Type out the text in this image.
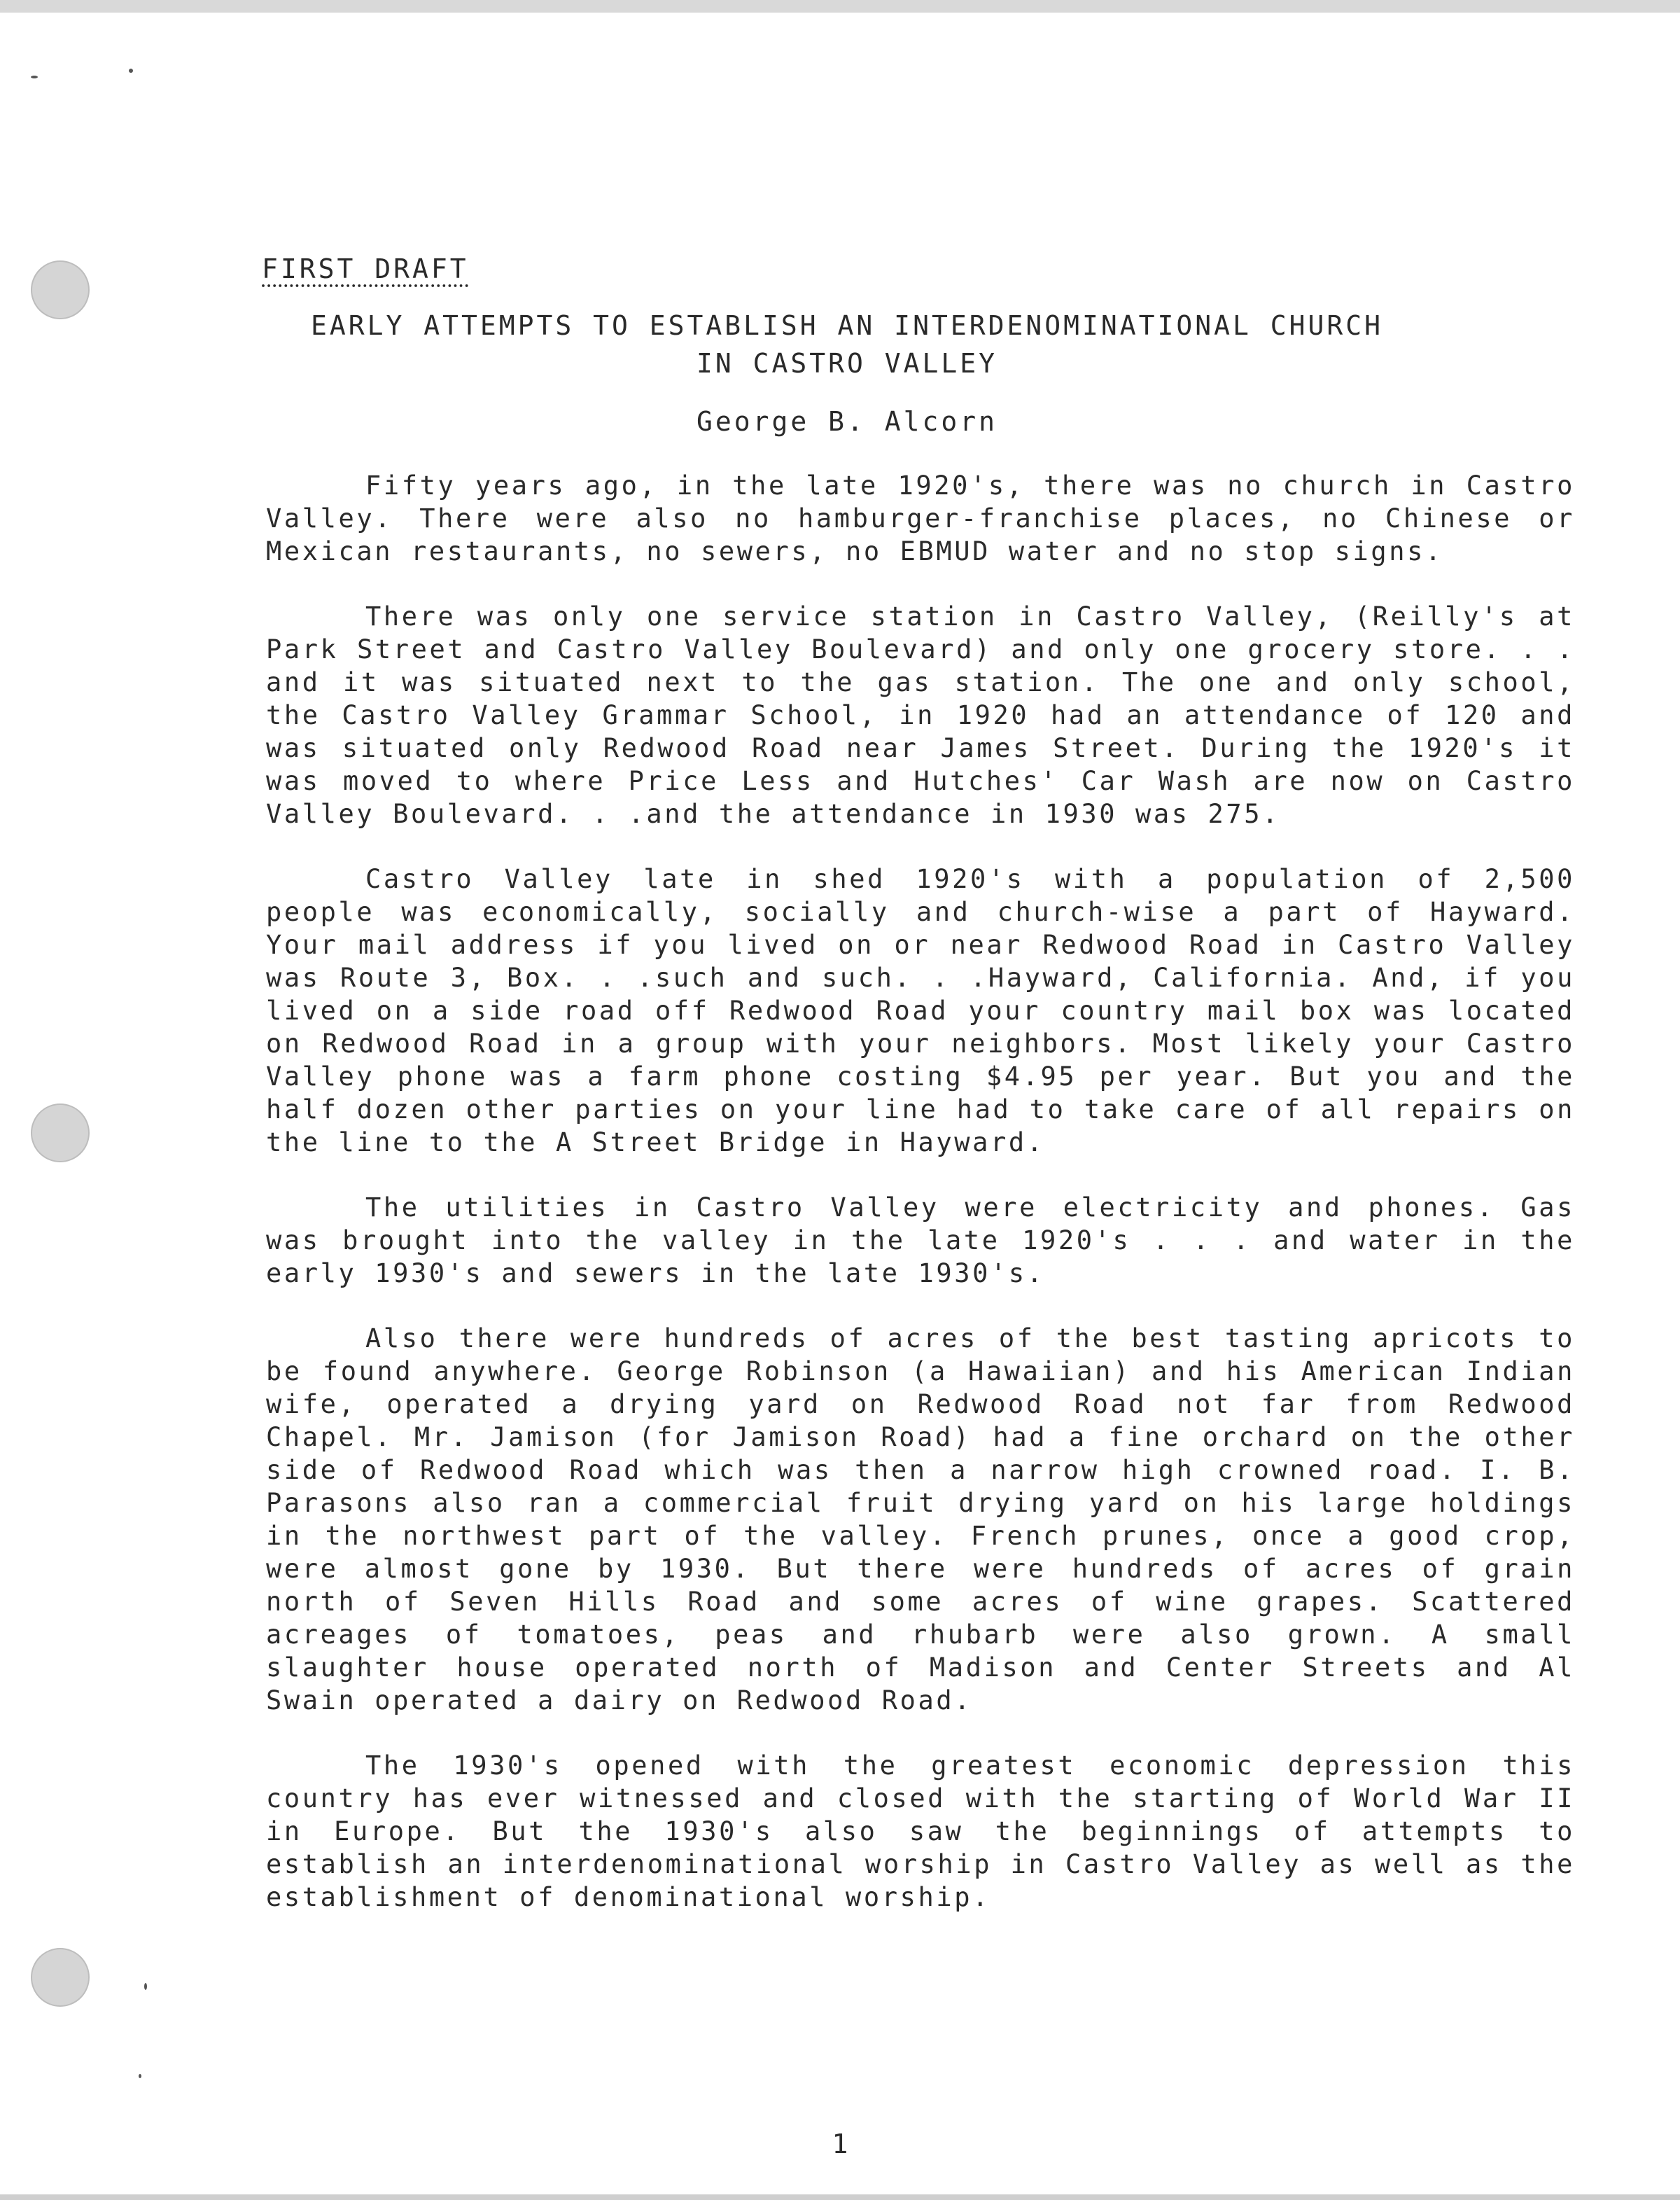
FIRST DRAFT
EARLY ATTEMPTS TO ESTABLISH AN INTERDENOMINATIONAL CHURCH
IN CASTRO VALLEY
George B. Alcorn

Fifty years ago, in the late 1920's, there was no church in Castro Valley. There were also no hamburger-franchise places, no Chinese or Mexican restaurants, no sewers, no EBMUD water and no stop signs.

There was only one service station in Castro Valley, (Reilly's at Park Street and Castro Valley Boulevard) and only one grocery store. . . and it was situated next to the gas station. The one and only school, the Castro Valley Grammar School, in 1920 had an attendance of 120 and was situated only Redwood Road near James Street. During the 1920's it was moved to where Price Less and Hutches' Car Wash are now on Castro Valley Boulevard. . .and the attendance in 1930 was 275.

Castro Valley late in shed 1920's with a population of 2,500 people was economically, socially and church-wise a part of Hayward. Your mail address if you lived on or near Redwood Road in Castro Valley was Route 3, Box. . .such and such. . .Hayward, California. And, if you lived on a side road off Redwood Road your country mail box was located on Redwood Road in a group with your neighbors. Most likely your Castro Valley phone was a farm phone costing $4.95 per year. But you and the half dozen other parties on your line had to take care of all repairs on the line to the A Street Bridge in Hayward.

The utilities in Castro Valley were electricity and phones. Gas was brought into the valley in the late 1920's . . . and water in the early 1930's and sewers in the late 1930's.

Also there were hundreds of acres of the best tasting apricots to be found anywhere. George Robinson (a Hawaiian) and his American Indian wife, operated a drying yard on Redwood Road not far from Redwood Chapel. Mr. Jamison (for Jamison Road) had a fine orchard on the other side of Redwood Road which was then a narrow high crowned road. I. B. Parasons also ran a commercial fruit drying yard on his large holdings in the northwest part of the valley. French prunes, once a good crop, were almost gone by 1930. But there were hundreds of acres of grain north of Seven Hills Road and some acres of wine grapes. Scattered acreages of tomatoes, peas and rhubarb were also grown. A small slaughter house operated north of Madison and Center Streets and Al Swain operated a dairy on Redwood Road.

The 1930's opened with the greatest economic depression this country has ever witnessed and closed with the starting of World War II in Europe. But the 1930's also saw the beginnings of attempts to establish an interdenominational worship in Castro Valley as well as the establishment of denominational worship.

1
